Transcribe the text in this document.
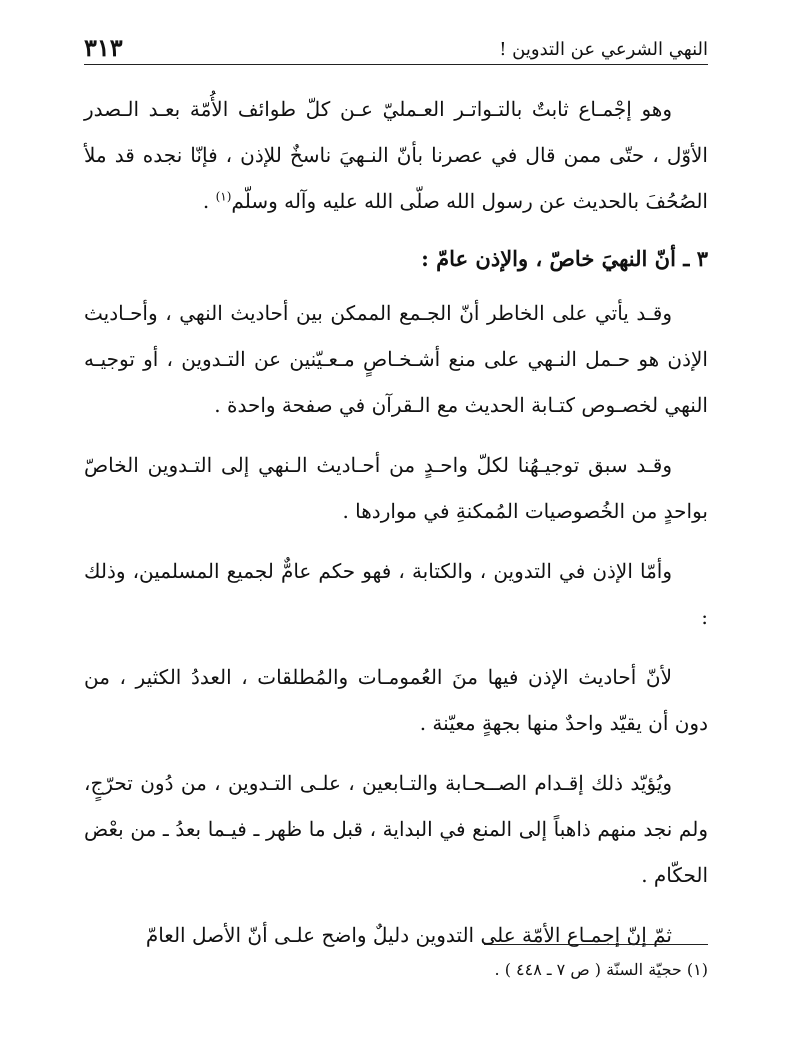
النهي الشرعي عن التدوين !
٣١٣

وهو إجْمـاع ثابتٌ بالتـواتـر العـمليّ عـن كلّ طوائف الأُمّة بعـد الـصدر الأوّل ، حتّى ممن قال في عصرنا بأنّ النـهيَ ناسخٌ للإذن ، فإنّا نجده قد ملأ الصُحُفَ بالحديث عن رسول الله صلّى الله عليه وآله وسلّم$^{(١)}$ .

٣ ـ أنّ النهيَ خاصّ ، والإذن عامّ :

وقـد يأتي على الخاطر أنّ الجـمع الممكن بين أحاديث النهي ، وأحـاديث الإذن هو حـمل النـهي على منع أشـخـاصٍ مـعـيّنين عن التـدوين ، أو توجيـه النهي لخصـوص كتـابة الحديث مع الـقرآن في صفحة واحدة .

وقـد سبق توجيـهُنا لكلّ واحـدٍ من أحـاديث الـنهي إلى التـدوين الخاصّ بواحدٍ من الخُصوصيات المُمكنةِ في مواردها .

وأمّا الإذن في التدوين ، والكتابة ، فهو حكم عامٌّ لجميع المسلمين، وذلك :

لأنّ أحاديث الإذن فيها منَ العُمومـات والمُطلقات ، العددُ الكثير ، من دون أن يقيّد واحدٌ منها بجهةٍ معيّنة .

ويُؤيّد ذلك إقـدام الصــحـابة والتـابعين ، علـى التـدوين ، من دُون تحرّجٍ، ولم نجد منهم ذاهباً إلى المنع في البداية ، قبل ما ظهر ـ فيـما بعدُ ـ من بعْض الحكّام .

ثمّ إنّ إجمـاع الأمّة على التدوين دليلٌ واضح علـى أنّ الأصل العامّ

(١) حجيّة السنّة ( ص ٧ ـ ٤٤٨ ) .
